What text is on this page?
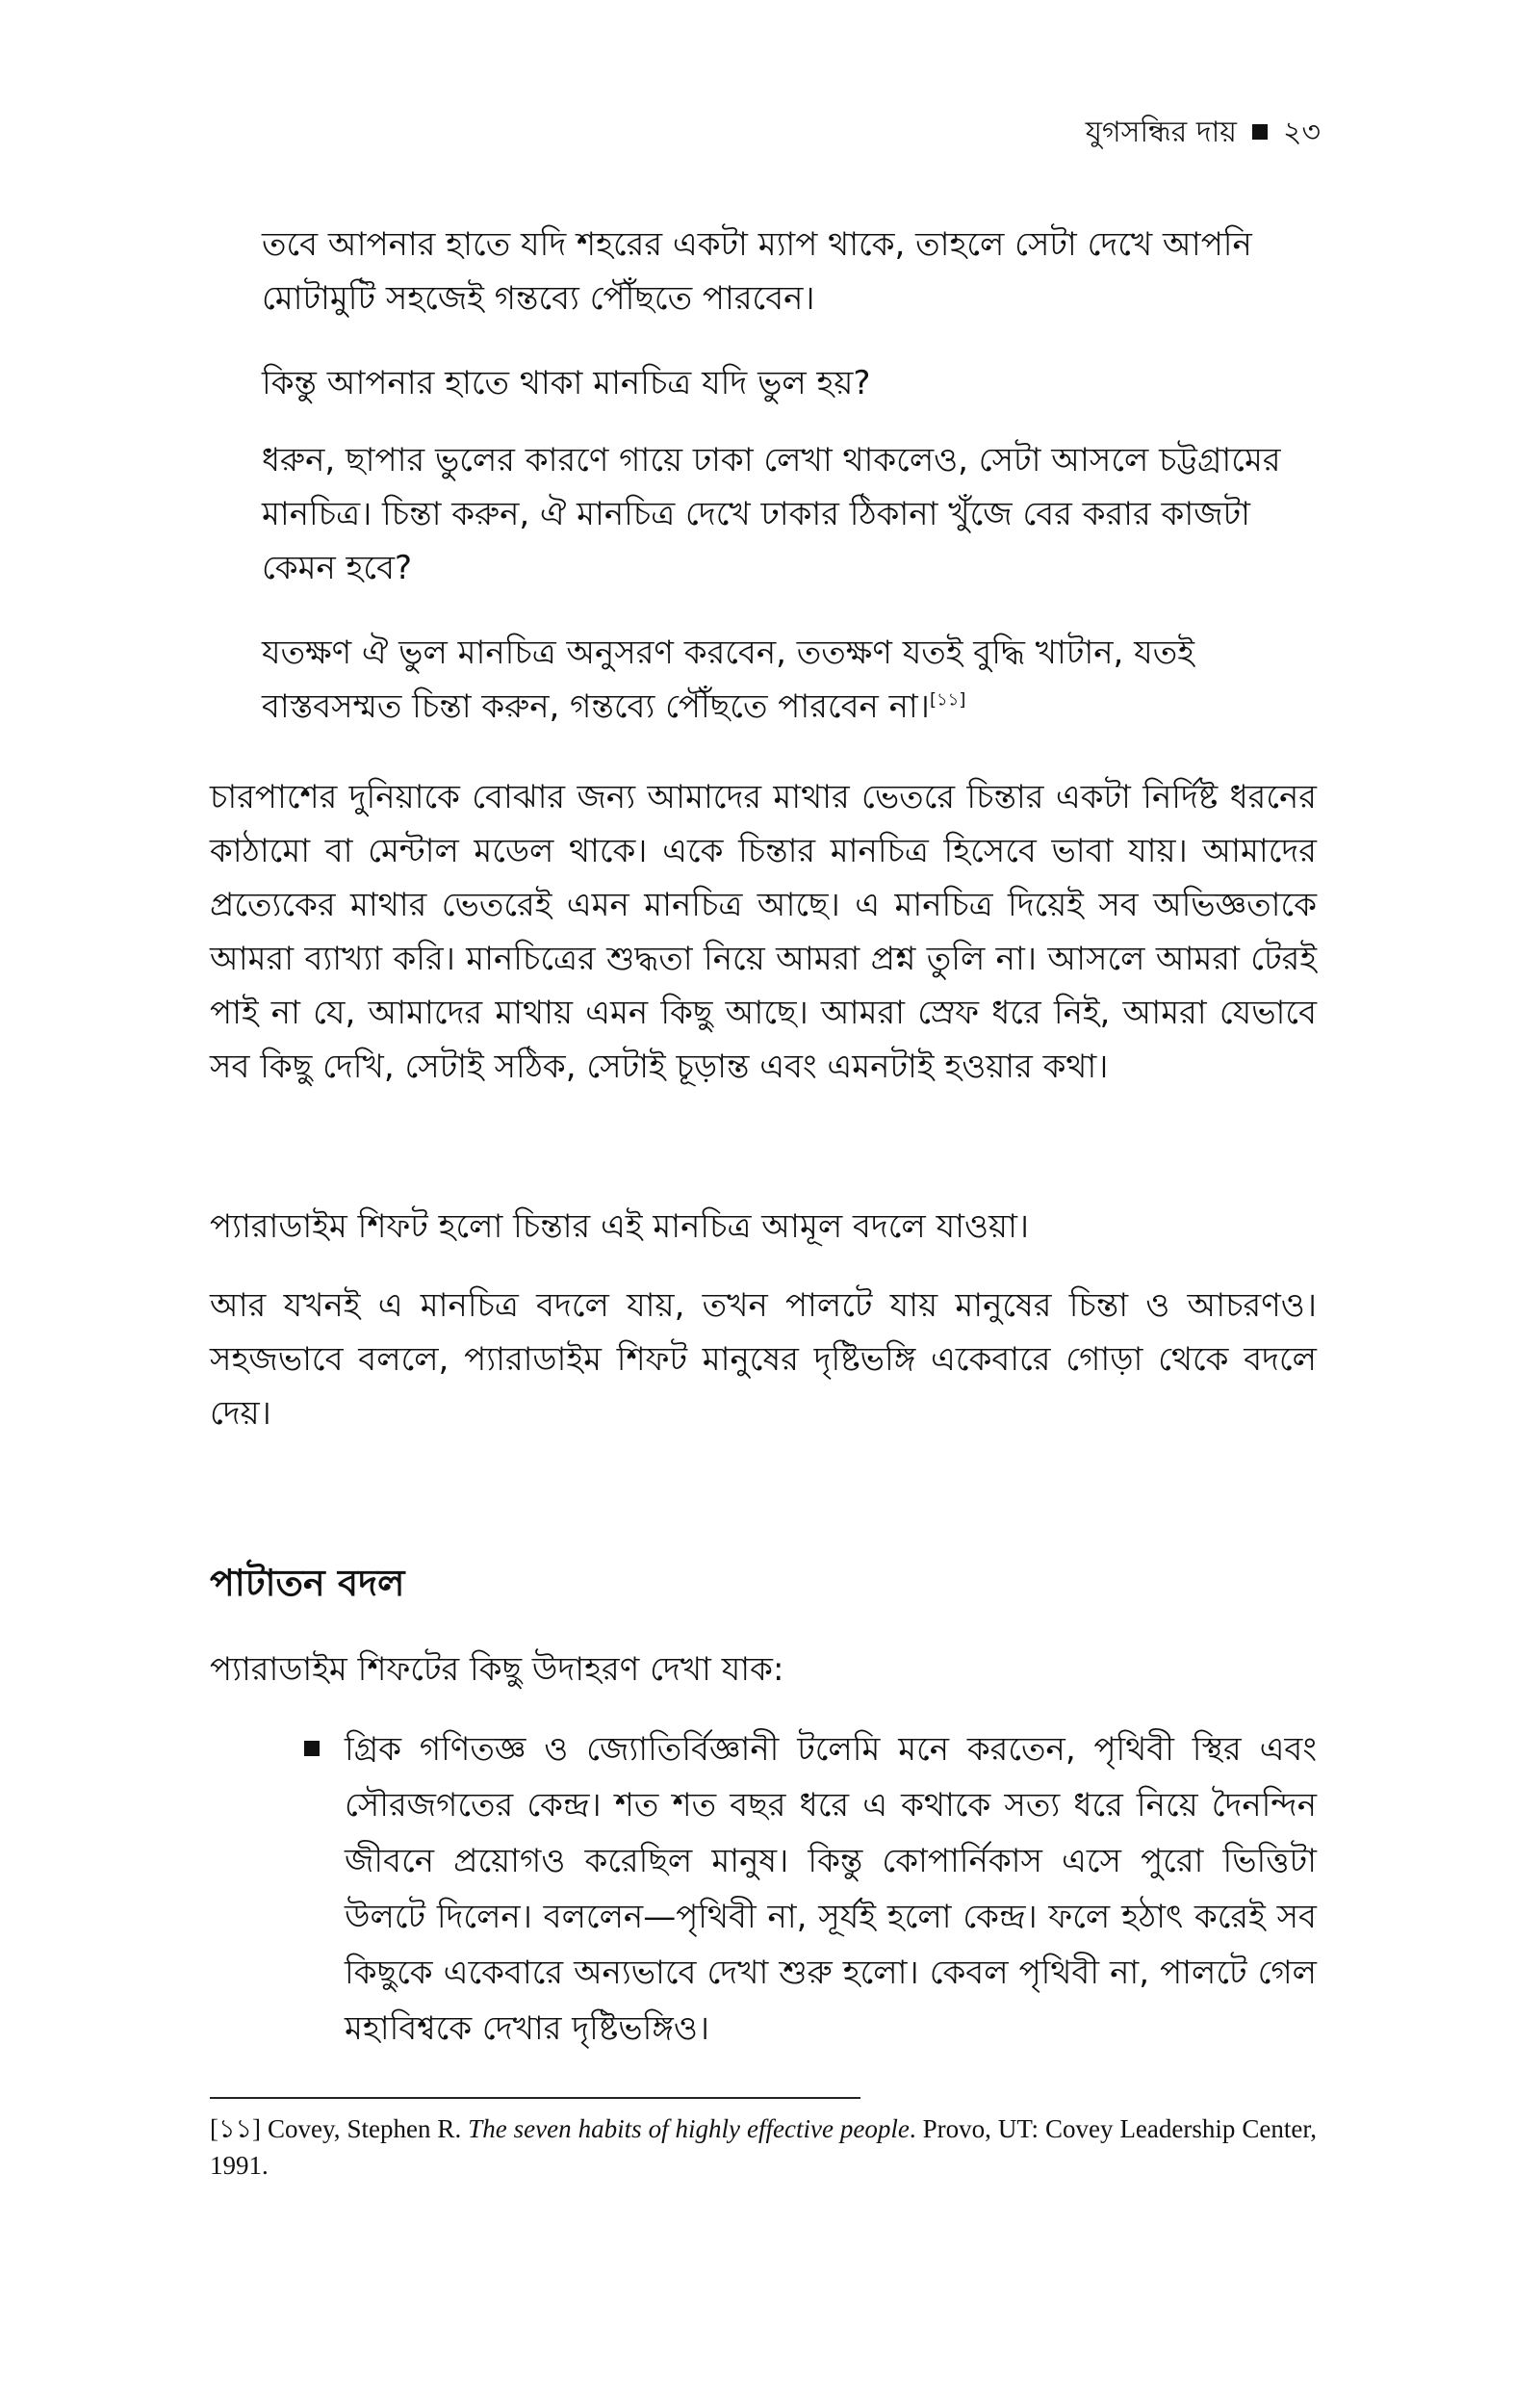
যুগসন্ধির দায় ২৩

তবে আপনার হাতে যদি শহরের একটা ম্যাপ থাকে, তাহলে সেটা দেখে আপনি মোটামুটি সহজেই গন্তব্যে পৌঁছতে পারবেন।

কিন্তু আপনার হাতে থাকা মানচিত্র যদি ভুল হয়?

ধরুন, ছাপার ভুলের কারণে গায়ে ঢাকা লেখা থাকলেও, সেটা আসলে চট্টগ্রামের মানচিত্র। চিন্তা করুন, ঐ মানচিত্র দেখে ঢাকার ঠিকানা খুঁজে বের করার কাজটা কেমন হবে?

যতক্ষণ ঐ ভুল মানচিত্র অনুসরণ করবেন, ততক্ষণ যতই বুদ্ধি খাটান, যতই বাস্তবসম্মত চিন্তা করুন, গন্তব্যে পৌঁছতে পারবেন না।[১১]

চারপাশের দুনিয়াকে বোঝার জন্য আমাদের মাথার ভেতরে চিন্তার একটা নির্দিষ্ট ধরনের কাঠামো বা মেন্টাল মডেল থাকে। একে চিন্তার মানচিত্র হিসেবে ভাবা যায়। আমাদের প্রত্যেকের মাথার ভেতরেই এমন মানচিত্র আছে। এ মানচিত্র দিয়েই সব অভিজ্ঞতাকে আমরা ব্যাখ্যা করি। মানচিত্রের শুদ্ধতা নিয়ে আমরা প্রশ্ন তুলি না। আসলে আমরা টেরই পাই না যে, আমাদের মাথায় এমন কিছু আছে। আমরা স্রেফ ধরে নিই, আমরা যেভাবে সব কিছু দেখি, সেটাই সঠিক, সেটাই চূড়ান্ত এবং এমনটাই হওয়ার কথা।

প্যারাডাইম শিফট হলো চিন্তার এই মানচিত্র আমূল বদলে যাওয়া।

আর যখনই এ মানচিত্র বদলে যায়, তখন পালটে যায় মানুষের চিন্তা ও আচরণও। সহজভাবে বললে, প্যারাডাইম শিফট মানুষের দৃষ্টিভঙ্গি একেবারে গোড়া থেকে বদলে দেয়।

পাটাতন বদল

প্যারাডাইম শিফটের কিছু উদাহরণ দেখা যাক:

গ্রিক গণিতজ্ঞ ও জ্যোতির্বিজ্ঞানী টলেমি মনে করতেন, পৃথিবী স্থির এবং সৌরজগতের কেন্দ্র। শত শত বছর ধরে এ কথাকে সত্য ধরে নিয়ে দৈনন্দিন জীবনে প্রয়োগও করেছিল মানুষ। কিন্তু কোপার্নিকাস এসে পুরো ভিত্তিটা উলটে দিলেন। বললেন—পৃথিবী না, সূর্যই হলো কেন্দ্র। ফলে হঠাৎ করেই সব কিছুকে একেবারে অন্যভাবে দেখা শুরু হলো। কেবল পৃথিবী না, পালটে গেল মহাবিশ্বকে দেখার দৃষ্টিভঙ্গিও।

[১১] Covey, Stephen R. The seven habits of highly effective people. Provo, UT: Covey Leadership Center, 1991.
